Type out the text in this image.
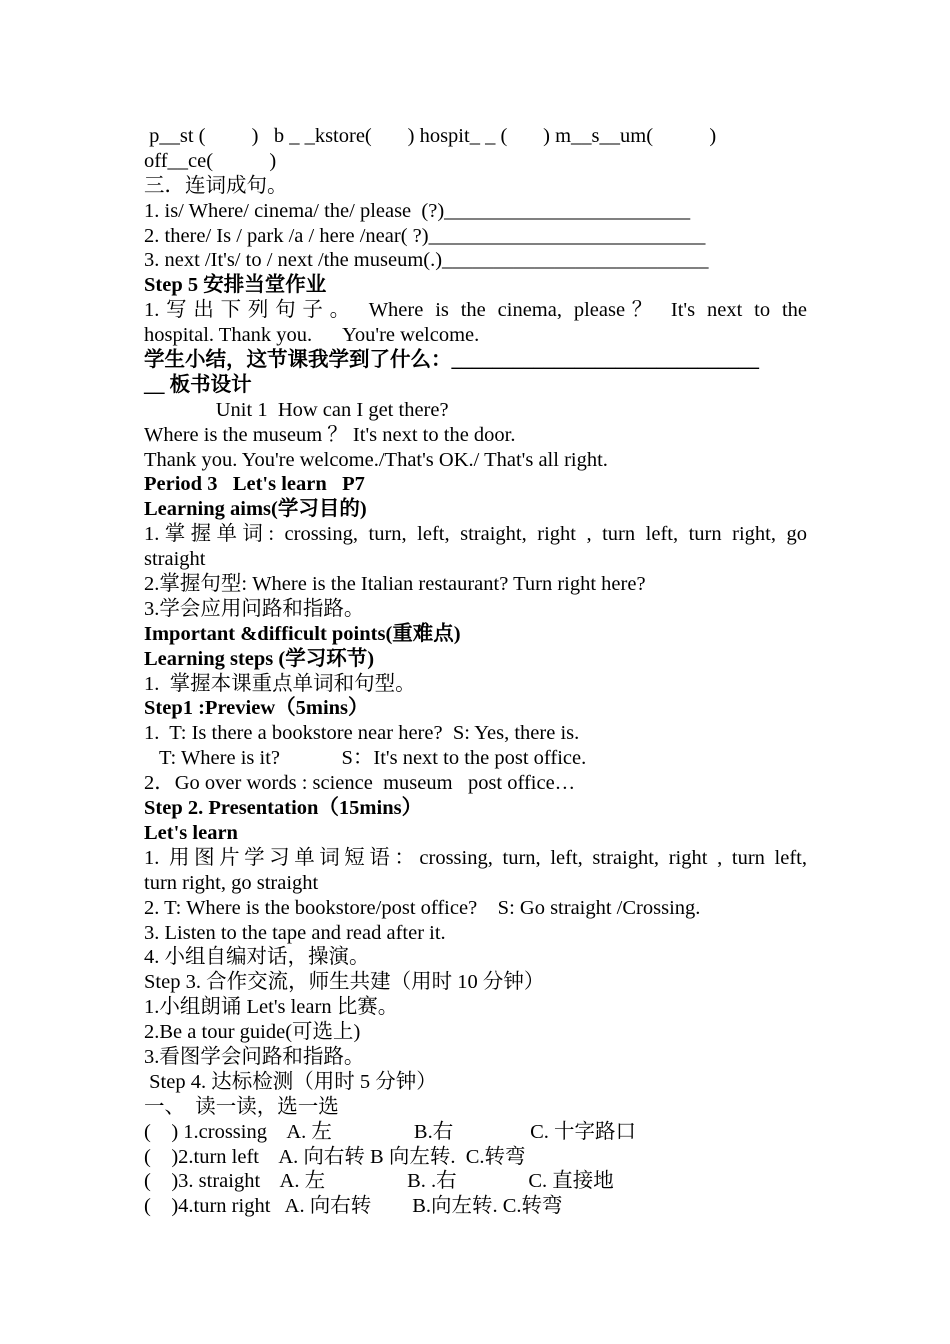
p__st (         )   b _ _kstore(       ) hospit_ _ (       ) m__s__um(           )
off__ce(           )
三．连词成句。
1. is/ Where/ cinema/ the/ please  (?)________________________
2. there/ Is / park /a / here /near( ?)___________________________
3. next /It's/ to / next /the museum(.)__________________________
Step 5 安排当堂作业
1.写出下列句子。 Where is the cinema, please？ It's next to the
hospital. Thank you.      You're welcome.
学生小结，这节课我学到了什么：______________________________
__ 板书设计
Unit 1  How can I get there?
Where is the museum ？ It's next to the door.
Thank you. You're welcome./That's OK./ That's all right.
Period 3   Let's learn   P7
Learning aims(学习目的)
1.掌握单词: crossing, turn, left, straight, right , turn left, turn right, go
straight
2.掌握句型: Where is the Italian restaurant? Turn right here?
3.学会应用问路和指路。
Important &difficult points(重难点)
Learning steps (学习环节)
1.  掌握本课重点单词和句型。
Step1 :Preview（5mins）
1.  T: Is there a bookstore near here?  S: Yes, there is.
T: Where is it?            S：It's next to the post office.
2．Go over words : science  museum   post office…
Step 2. Presentation（15mins）
Let's learn
1. 用图片学习单词短语：crossing, turn, left, straight, right , turn left,
turn right, go straight
2. T: Where is the bookstore/post office?    S: Go straight /Crossing.
3. Listen to the tape and read after it.
4. 小组自编对话，操演。
Step 3. 合作交流，师生共建（用时 10 分钟）
1.小组朗诵 Let's learn 比赛。
2.Be a tour guide(可选上)
3.看图学会问路和指路。
Step 4. 达标检测（用时 5 分钟）
一、  读一读，选一选
(    ) 1.crossing    A. 左                B.右               C. 十字路口
(    )2.turn left    A. 向右转 B 向左转.  C.转弯
(    )3. straight    A. 左                B. .右              C. 直接地
(    )4.turn right   A. 向右转        B.向左转. C.转弯
